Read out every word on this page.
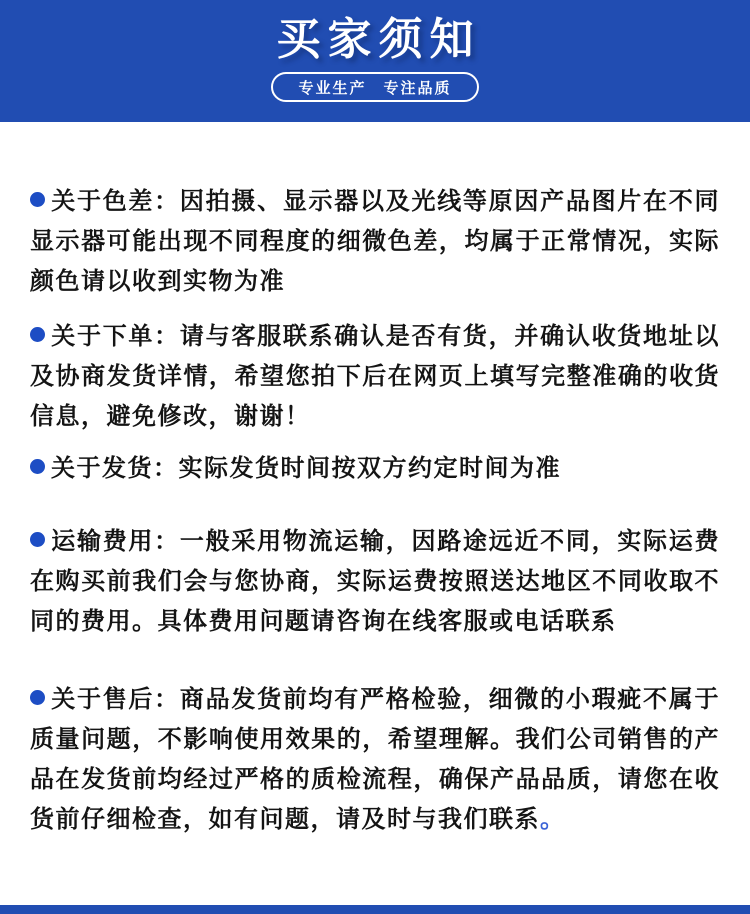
买家须知
专业生产　专注品质
关于色差：因拍摄、显示器以及光线等原因产品图片在不同显示器可能出现不同程度的细微色差，均属于正常情况，实际颜色请以收到实物为准
关于下单：请与客服联系确认是否有货，并确认收货地址以及协商发货详情，希望您拍下后在网页上填写完整准确的收货信息，避免修改，谢谢！
关于发货：实际发货时间按双方约定时间为准
运输费用：一般采用物流运输，因路途远近不同，实际运费在购买前我们会与您协商，实际运费按照送达地区不同收取不同的费用。具体费用问题请咨询在线客服或电话联系
关于售后：商品发货前均有严格检验，细微的小瑕疵不属于质量问题，不影响使用效果的，希望理解。我们公司销售的产品在发货前均经过严格的质检流程，确保产品品质，请您在收货前仔细检查，如有问题，请及时与我们联系。
